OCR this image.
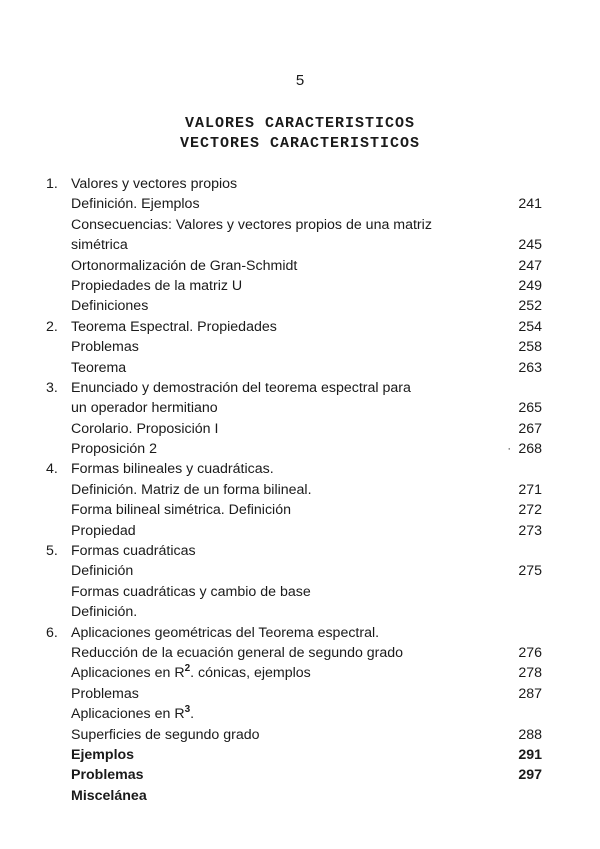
5
VALORES CARACTERISTICOS
VECTORES CARACTERISTICOS
1. Valores y vectores propios
Definición. Ejemplos	241
Consecuencias: Valores y vectores propios de una matriz
simétrica	245
Ortonormalización de Gran-Schmidt	247
Propiedades de la matriz U	249
Definiciones	252
2. Teorema Espectral. Propiedades	254
Problemas	258
Teorema	263
3. Enunciado y demostración del teorema espectral para
un operador hermitiano	265
Corolario. Proposición I	267
Proposición 2	· 268
4. Formas bilineales y cuadráticas.
Definición. Matriz de un forma bilineal.	271
Forma bilineal simétrica. Definición	272
Propiedad	273
5. Formas cuadráticas
Definición	275
Formas cuadráticas y cambio de base
Definición.
6. Aplicaciones geométricas del Teorema espectral.
Reducción de la ecuación general de segundo grado	276
Aplicaciones en $R^2$. cónicas, ejemplos	278
Problemas	287
Aplicaciones en $R^3$.
Superficies de segundo grado	288
Ejemplos	291
Problemas	297
Miscelánea
